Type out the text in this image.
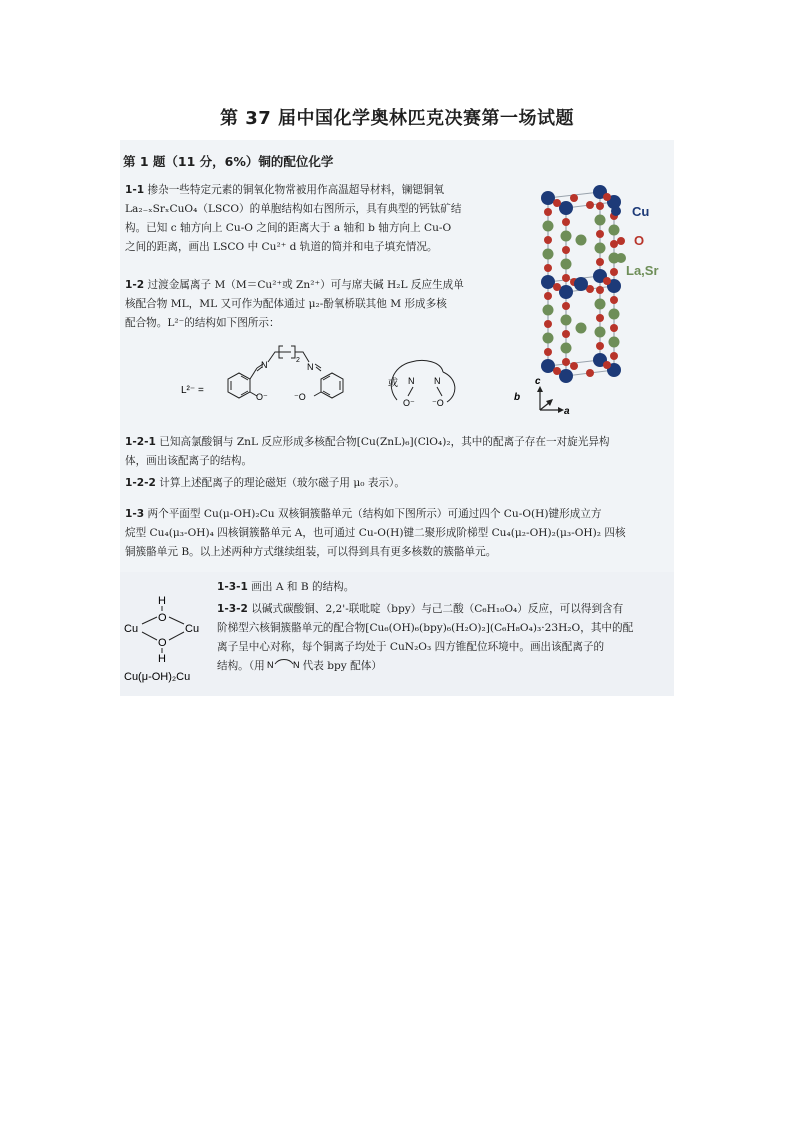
第 37 届中国化学奥林匹克决赛第一场试题
第 1 题（11 分，6%）铜的配位化学
1-1 掺杂一些特定元素的铜氧化物常被用作高温超导材料，镧锶铜氧
La₂₋ₓSrₓCuO₄（LSCO）的单胞结构如右图所示，具有典型的钙钛矿结
构。已知 c 轴方向上 Cu-O 之间的距离大于 a 轴和 b 轴方向上 Cu-O
之间的距离，画出 LSCO 中 Cu²⁺ d 轨道的简并和电子填充情况。
1-2 过渡金属离子 M（M＝Cu²⁺或 Zn²⁺）可与席夫碱 H₂L 反应生成单
核配合物 ML，ML 又可作为配体通过 μ₂-酚氧桥联其他 M 形成多核
配合物。L²⁻的结构如下图所示：
L²⁻ =
N
O⁻
2
N
⁻O
或 N N
O⁻ ⁻O
Cu
O
La,Sr
c
b
a
1-2-1 已知高氯酸铜与 ZnL 反应形成多核配合物[Cu(ZnL)₆](ClO₄)₂，其中的配离子存在一对旋光异构
体，画出该配离子的结构。
1-2-2 计算上述配离子的理论磁矩（玻尔磁子用 μ₀ 表示）。
1-3 两个平面型 Cu(μ-OH)₂Cu 双核铜簇骼单元（结构如下图所示）可通过四个 Cu-O(H)键形成立方
烷型 Cu₄(μ₃-OH)₄ 四核铜簇骼单元 A，也可通过 Cu-O(H)键二聚形成阶梯型 Cu₄(μ₂-OH)₂(μ₃-OH)₂ 四核
铜簇骼单元 B。以上述两种方式继续组装，可以得到具有更多核数的簇骼单元。
H
O
Cu	Cu
O
H
Cu(μ-OH)₂Cu
1-3-1 画出 A 和 B 的结构。
1-3-2 以碱式碳酸铜、2,2'-联吡啶（bpy）与己二酸（C₆H₁₀O₄）反应，可以得到含有
阶梯型六核铜簇骼单元的配合物[Cu₆(OH)₆(bpy)₆(H₂O)₂](C₆H₈O₄)₃·23H₂O，其中的配
离子呈中心对称，每个铜离子均处于 CuN₂O₃ 四方锥配位环境中。画出该配离子的
结构。（用 N N 代表 bpy 配体）
